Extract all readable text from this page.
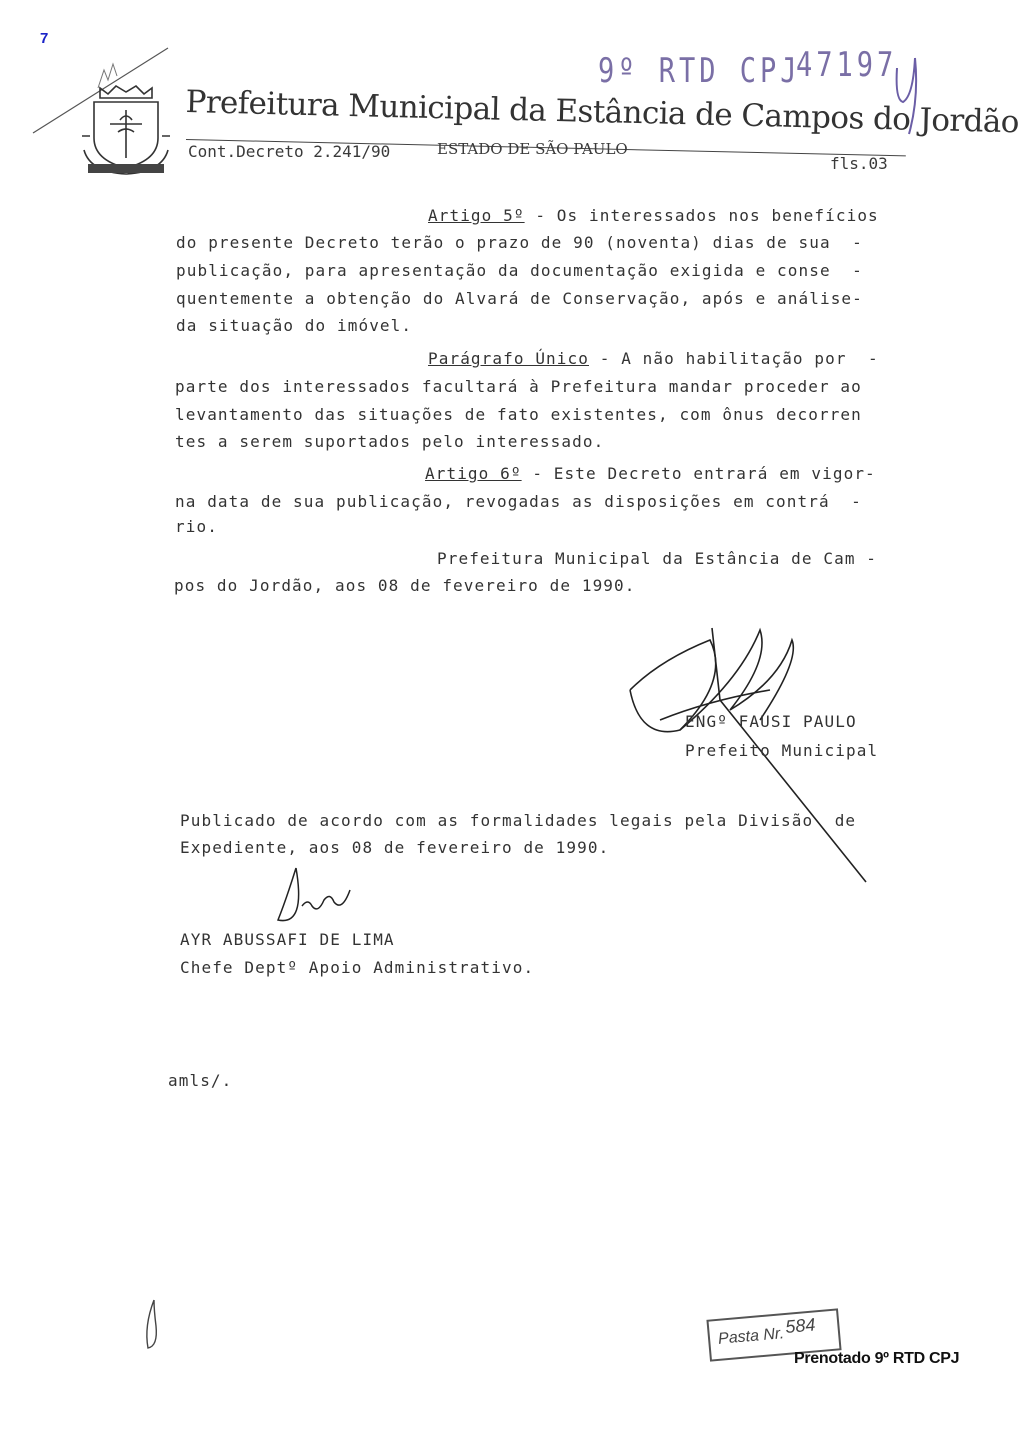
7
9º RTD CPJ
47197
Prefeitura Municipal da Estância de Campos do Jordão
Cont.Decreto 2.241/90	ESTADO DE SÃO PAULO
fls.03
Artigo 5º - Os interessados nos benefícios
do presente Decreto terão o prazo de 90 (noventa) dias de sua  -
publicação, para apresentação da documentação exigida e conse  -
quentemente a obtenção do Alvará de Conservação, após e análise-
da situação do imóvel.
Parágrafo Único - A não habilitação por  -
parte dos interessados facultará à Prefeitura mandar proceder ao
levantamento das situações de fato existentes, com ônus decorren
tes a serem suportados pelo interessado.
Artigo 6º - Este Decreto entrará em vigor-
na data de sua publicação, revogadas as disposições em contrá  -
rio.
Prefeitura Municipal da Estância de Cam -
pos do Jordão, aos 08 de fevereiro de 1990.
ENGº FAUSI PAULO
Prefeito Municipal
Publicado de acordo com as formalidades legais pela Divisão  de
Expediente, aos 08 de fevereiro de 1990.
AYR ABUSSAFI DE LIMA
Chefe Deptº Apoio Administrativo.
amls/.
Pasta Nr. 584
Prenotado 9º RTD CPJ
